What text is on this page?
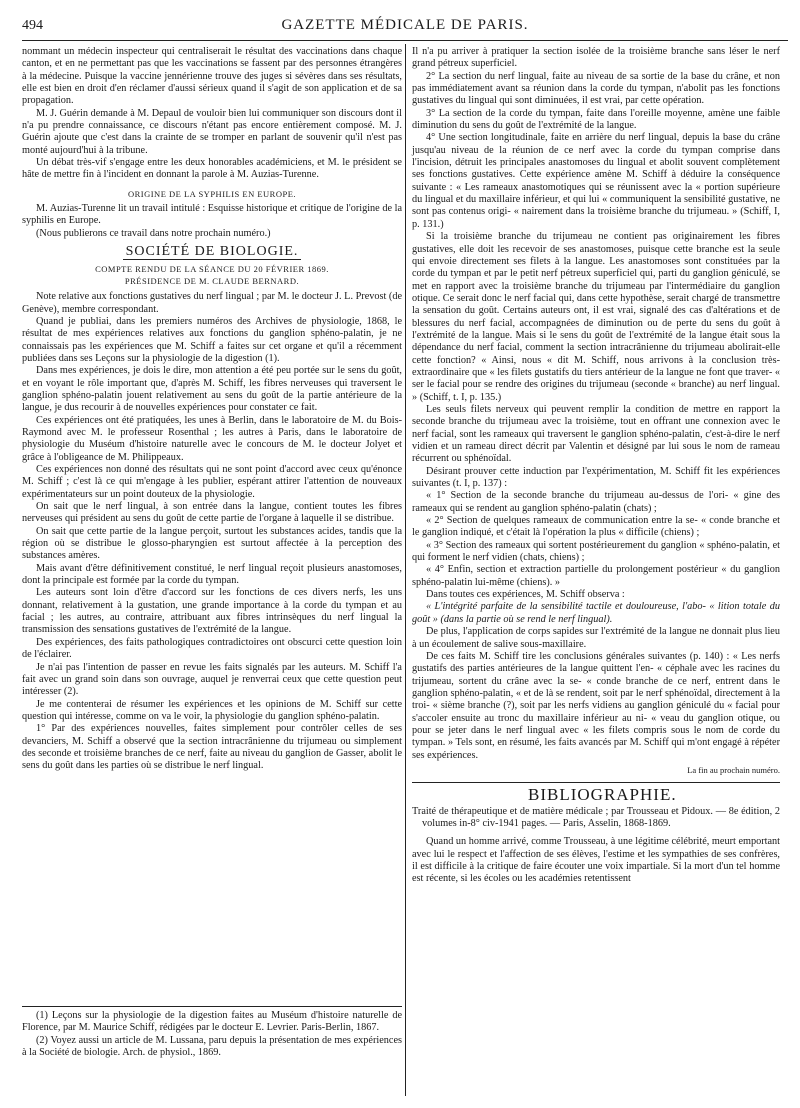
494	GAZETTE MÉDICALE DE PARIS.

nommant un médecin inspecteur qui centraliserait le résultat des vaccinations dans chaque canton, et en ne permettant pas que les vaccinations se fassent par des personnes étrangères à la médecine. Puisque la vaccine jennérienne trouve des juges si sévères dans ses résultats, elle est bien en droit d'en réclamer d'aussi sérieux quand il s'agit de son application et de sa propagation.

M. J. Guérin demande à M. Depaul de vouloir bien lui communiquer son discours dont il n'a pu prendre connaissance, ce discours n'étant pas encore entièrement composé. M. J. Guérin ajoute que c'est dans la crainte de se tromper en parlant de souvenir qu'il n'est pas monté aujourd'hui à la tribune.

Un débat très-vif s'engage entre les deux honorables académiciens, et M. le président se hâte de mettre fin à l'incident en donnant la parole à M. Auzias-Turenne.

ORIGINE DE LA SYPHILIS EN EUROPE.

M. Auzias-Turenne lit un travail intitulé : Esquisse historique et critique de l'origine de la syphilis en Europe.

(Nous publierons ce travail dans notre prochain numéro.)

SOCIÉTÉ DE BIOLOGIE.

COMPTE RENDU DE LA SÉANCE DU 20 FÉVRIER 1869.

PRÉSIDENCE DE M. CLAUDE BERNARD.

Note relative aux fonctions gustatives du nerf lingual ; par M. le docteur J. L. Prevost (de Genève), membre correspondant.

Quand je publiai, dans les premiers numéros des Archives de physiologie, 1868, le résultat de mes expériences relatives aux fonctions du ganglion sphéno-palatin, je ne connaissais pas les expériences que M. Schiff a faites sur cet organe et qu'il a récemment publiées dans ses Leçons sur la physiologie de la digestion (1).

Dans mes expériences, je dois le dire, mon attention a été peu portée sur le sens du goût, et en voyant le rôle important que, d'après M. Schiff, les fibres nerveuses qui traversent le ganglion sphéno-palatin jouent relativement au sens du goût de la partie antérieure de la langue, je dus recourir à de nouvelles expériences pour constater ce fait.

Ces expériences ont été pratiquées, les unes à Berlin, dans le laboratoire de M. du Bois-Raymond avec M. le professeur Rosenthal ; les autres à Paris, dans le laboratoire de physiologie du Muséum d'histoire naturelle avec le concours de M. le docteur Jolyet et grâce à l'obligeance de M. Philippeaux.

Ces expériences non donné des résultats qui ne sont point d'accord avec ceux qu'énonce M. Schiff ; c'est là ce qui m'engage à les publier, espérant attirer l'attention de nouveaux expérimentateurs sur un point douteux de la physiologie.

On sait que le nerf lingual, à son entrée dans la langue, contient toutes les fibres nerveuses qui président au sens du goût de cette partie de l'organe à laquelle il se distribue.

On sait que cette partie de la langue perçoit, surtout les substances acides, tandis que la région où se distribue le glosso-pharyngien est surtout affectée à la perception des substances amères.

Mais avant d'être définitivement constitué, le nerf lingual reçoit plusieurs anastomoses, dont la principale est formée par la corde du tympan.

Les auteurs sont loin d'être d'accord sur les fonctions de ces divers nerfs, les uns donnant, relativement à la gustation, une grande importance à la corde du tympan et au facial ; les autres, au contraire, attribuant aux fibres intrinsèques du nerf lingual la transmission des sensations gustatives de l'extrémité de la langue.

Des expériences, des faits pathologiques contradictoires ont obscurci cette question loin de l'éclairer.

Je n'ai pas l'intention de passer en revue les faits signalés par les auteurs. M. Schiff l'a fait avec un grand soin dans son ouvrage, auquel je renverrai ceux que cette question peut intéresser (2).

Je me contenterai de résumer les expériences et les opinions de M. Schiff sur cette question qui intéresse, comme on va le voir, la physiologie du ganglion sphéno-palatin.

1° Par des expériences nouvelles, faites simplement pour contrôler celles de ses devanciers, M. Schiff a observé que la section intracrânienne du trijumeau ou simplement des seconde et troisième branches de ce nerf, faite au niveau du ganglion de Gasser, abolit le sens du goût dans les parties où se distribue le nerf lingual.

(1) Leçons sur la physiologie de la digestion faites au Muséum d'histoire naturelle de Florence, par M. Maurice Schiff, rédigées par le docteur E. Levrier. Paris-Berlin, 1867.

(2) Voyez aussi un article de M. Lussana, paru depuis la présentation de mes expériences à la Société de biologie. Arch. de physiol., 1869.

Il n'a pu arriver à pratiquer la section isolée de la troisième branche sans léser le nerf grand pétreux superficiel.

2° La section du nerf lingual, faite au niveau de sa sortie de la base du crâne, et non pas immédiatement avant sa réunion dans la corde du tympan, n'abolit pas les fonctions gustatives du lingual qui sont diminuées, il est vrai, par cette opération.

3° La section de la corde du tympan, faite dans l'oreille moyenne, amène une faible diminution du sens du goût de l'extrémité de la langue.

4° Une section longitudinale, faite en arrière du nerf lingual, depuis la base du crâne jusqu'au niveau de la réunion de ce nerf avec la corde du tympan comprise dans l'incision, détruit les principales anastomoses du lingual et abolit souvent complètement ses fonctions gustatives. Cette expérience amène M. Schiff à déduire la conséquence suivante : « Les rameaux anastomotiques qui se réunissent avec la « portion supérieure du lingual et du maxillaire inférieur, et qui lui « communiquent la sensibilité gustative, ne sont pas contenus origi- « nairement dans la troisième branche du trijumeau. » (Schiff, I, p. 131.)

Si la troisième branche du trijumeau ne contient pas originairement les fibres gustatives, elle doit les recevoir de ses anastomoses, puisque cette branche est la seule qui envoie directement ses filets à la langue. Les anastomoses sont constituées par la corde du tympan et par le petit nerf pétreux superficiel qui, parti du ganglion géniculé, se met en rapport avec la troisième branche du trijumeau par l'intermédiaire du ganglion otique. Ce serait donc le nerf facial qui, dans cette hypothèse, serait chargé de transmettre la sensation du goût. Certains auteurs ont, il est vrai, signalé des cas d'altérations et de blessures du nerf facial, accompagnées de diminution ou de perte du sens du goût à l'extrémité de la langue. Mais si le sens du goût de l'extrémité de la langue était sous la dépendance du nerf facial, comment la section intracrânienne du trijumeau abolirait-elle cette fonction? « Ainsi, nous « dit M. Schiff, nous arrivons à la conclusion très-extraordinaire que « les filets gustatifs du tiers antérieur de la langue ne font que traver- « ser le facial pour se rendre des origines du trijumeau (seconde « branche) au nerf lingual. » (Schiff, t. I, p. 135.)

Les seuls filets nerveux qui peuvent remplir la condition de mettre en rapport la seconde branche du trijumeau avec la troisième, tout en offrant une connexion avec le nerf facial, sont les rameaux qui traversent le ganglion sphéno-palatin, c'est-à-dire le nerf vidien et un rameau direct décrit par Valentin et désigné par lui sous le nom de rameau récurrent ou sphénoïdal.

Désirant prouver cette induction par l'expérimentation, M. Schiff fit les expériences suivantes (t. I, p. 137) :

« 1° Section de la seconde branche du trijumeau au-dessus de l'ori- « gine des rameaux qui se rendent au ganglion sphéno-palatin (chats) ;

« 2° Section de quelques rameaux de communication entre la se- « conde branche et le ganglion indiqué, et c'était là l'opération la plus « difficile (chiens) ;

« 3° Section des rameaux qui sortent postérieurement du ganglion « sphéno-palatin, et qui forment le nerf vidien (chats, chiens) ;

« 4° Enfin, section et extraction partielle du prolongement postérieur « du ganglion sphéno-palatin lui-même (chiens). »

Dans toutes ces expériences, M. Schiff observa :

« L'intégrité parfaite de la sensibilité tactile et douloureuse, l'abo- « lition totale du goût » (dans la partie où se rend le nerf lingual).

De plus, l'application de corps sapides sur l'extrémité de la langue ne donnait plus lieu à un écoulement de salive sous-maxillaire.

De ces faits M. Schiff tire les conclusions générales suivantes (p. 140) : « Les nerfs gustatifs des parties antérieures de la langue quittent l'en- « céphale avec les racines du trijumeau, sortent du crâne avec la se- « conde branche de ce nerf, entrent dans le ganglion sphéno-palatin, « et de là se rendent, soit par le nerf sphénoïdal, directement à la troi- « sième branche (?), soit par les nerfs vidiens au ganglion géniculé du « facial pour s'accoler ensuite au tronc du maxillaire inférieur au ni- « veau du ganglion otique, ou pour se jeter dans le nerf lingual avec « les filets compris sous le nom de corde du tympan. » Tels sont, en résumé, les faits avancés par M. Schiff qui m'ont engagé à répéter ses expériences.

La fin au prochain numéro.
BIBLIOGRAPHIE.

Traité de thérapeutique et de matière médicale ; par Trousseau et Pidoux. — 8e édition, 2 volumes in-8° civ-1941 pages. — Paris, Asselin, 1868-1869.

Quand un homme arrivé, comme Trousseau, à une légitime célébrité, meurt emportant avec lui le respect et l'affection de ses élèves, l'estime et les sympathies de ses confrères, il est difficile à la critique de faire écouter une voix impartiale. Si la mort d'un tel homme est récente, si les écoles ou les académies retentissent
